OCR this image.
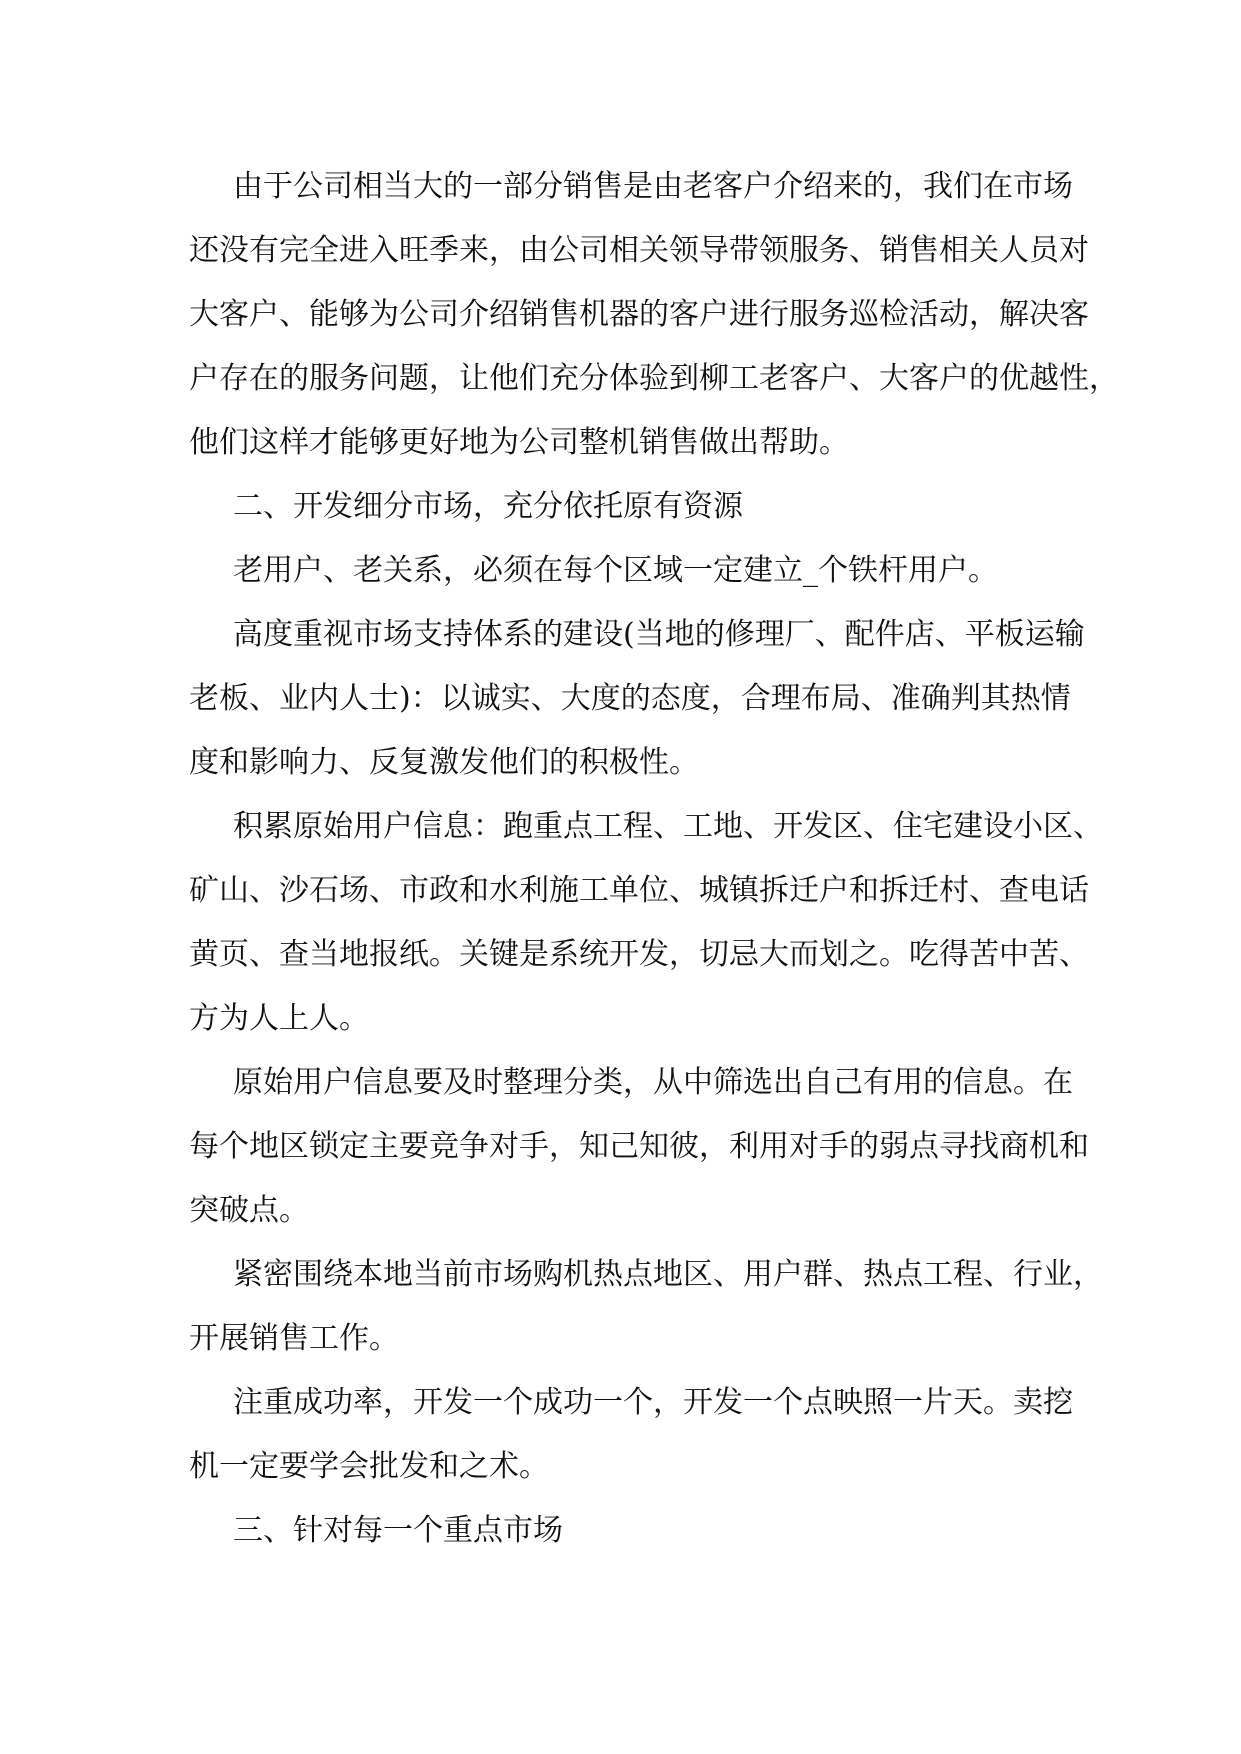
由于公司相当大的一部分销售是由老客户介绍来的，我们在市场
还没有完全进入旺季来，由公司相关领导带领服务、销售相关人员对
大客户、能够为公司介绍销售机器的客户进行服务巡检活动，解决客
户存在的服务问题，让他们充分体验到柳工老客户、大客户的优越性，
他们这样才能够更好地为公司整机销售做出帮助。
二、开发细分市场，充分依托原有资源
老用户、老关系，必须在每个区域一定建立_个铁杆用户。
高度重视市场支持体系的建设(当地的修理厂、配件店、平板运输
老板、业内人士)：以诚实、大度的态度，合理布局、准确判其热情
度和影响力、反复激发他们的积极性。
积累原始用户信息：跑重点工程、工地、开发区、住宅建设小区、
矿山、沙石场、市政和水利施工单位、城镇拆迁户和拆迁村、查电话
黄页、查当地报纸。关键是系统开发，切忌大而划之。吃得苦中苦、
方为人上人。
原始用户信息要及时整理分类，从中筛选出自己有用的信息。在
每个地区锁定主要竞争对手，知己知彼，利用对手的弱点寻找商机和
突破点。
紧密围绕本地当前市场购机热点地区、用户群、热点工程、行业，
开展销售工作。
注重成功率，开发一个成功一个，开发一个点映照一片天。卖挖
机一定要学会批发和之术。
三、针对每一个重点市场
